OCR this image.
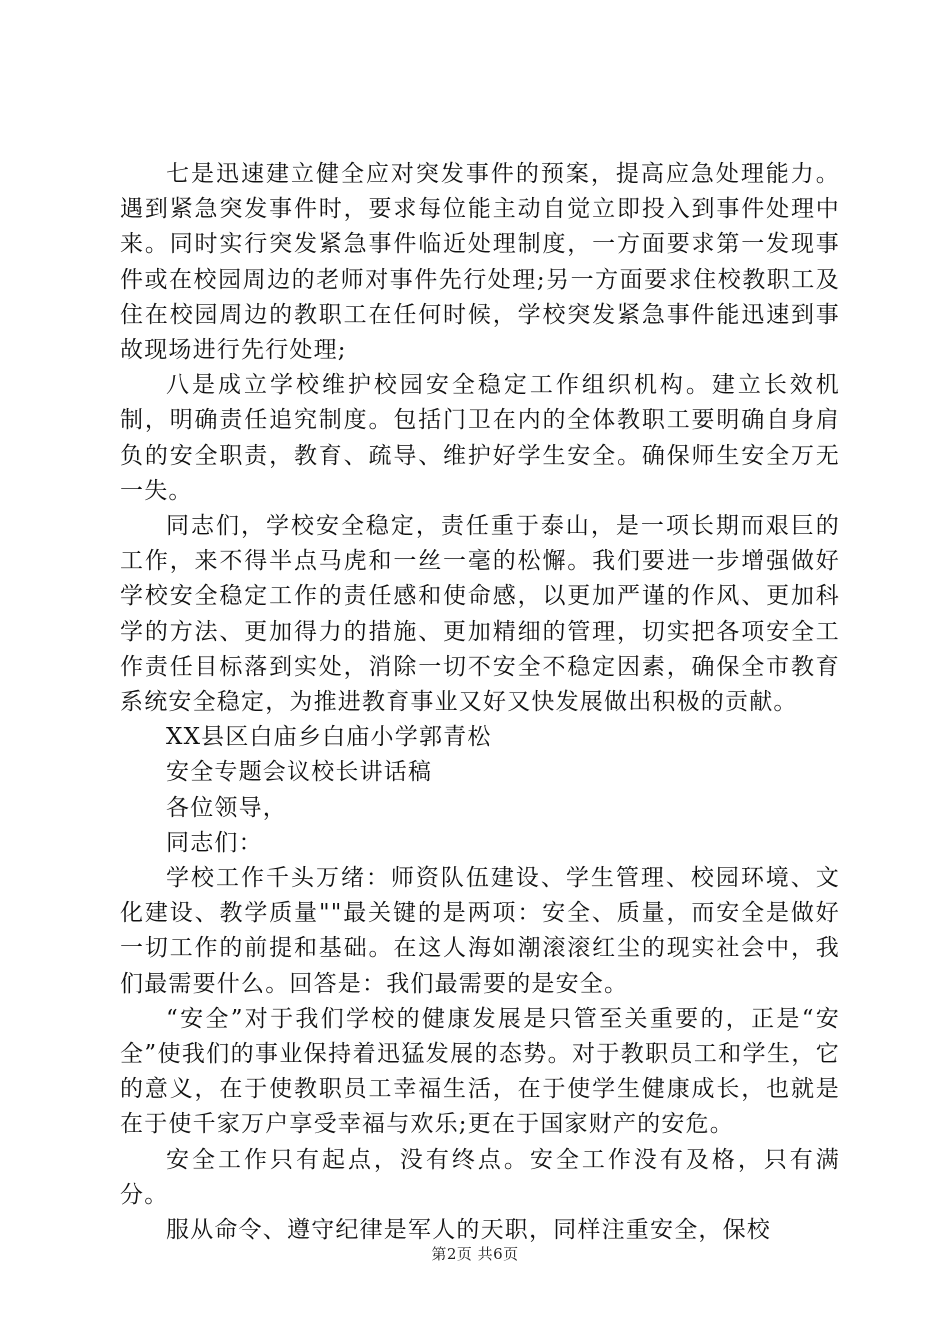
七是迅速建立健全应对突发事件的预案，提高应急处理能力。遇到紧急突发事件时，要求每位能主动自觉立即投入到事件处理中来。同时实行突发紧急事件临近处理制度，一方面要求第一发现事件或在校园周边的老师对事件先行处理;另一方面要求住校教职工及住在校园周边的教职工在任何时候，学校突发紧急事件能迅速到事故现场进行先行处理;

八是成立学校维护校园安全稳定工作组织机构。建立长效机制，明确责任追究制度。包括门卫在内的全体教职工要明确自身肩负的安全职责，教育、疏导、维护好学生安全。确保师生安全万无一失。

同志们，学校安全稳定，责任重于泰山，是一项长期而艰巨的工作，来不得半点马虎和一丝一毫的松懈。我们要进一步增强做好学校安全稳定工作的责任感和使命感，以更加严谨的作风、更加科学的方法、更加得力的措施、更加精细的管理，切实把各项安全工作责任目标落到实处，消除一切不安全不稳定因素，确保全市教育系统安全稳定，为推进教育事业又好又快发展做出积极的贡献。

XX县区白庙乡白庙小学郭青松

安全专题会议校长讲话稿

各位领导，

同志们：

学校工作千头万绪：师资队伍建设、学生管理、校园环境、文化建设、教学质量""最关键的是两项：安全、质量，而安全是做好一切工作的前提和基础。在这人海如潮滚滚红尘的现实社会中，我们最需要什么。回答是：我们最需要的是安全。

“安全”对于我们学校的健康发展是只管至关重要的，正是“安全”使我们的事业保持着迅猛发展的态势。对于教职员工和学生，它的意义，在于使教职员工幸福生活，在于使学生健康成长，也就是在于使千家万户享受幸福与欢乐;更在于国家财产的安危。

安全工作只有起点，没有终点。安全工作没有及格，只有满分。

服从命令、遵守纪律是军人的天职，同样注重安全，保校

第2页 共6页
